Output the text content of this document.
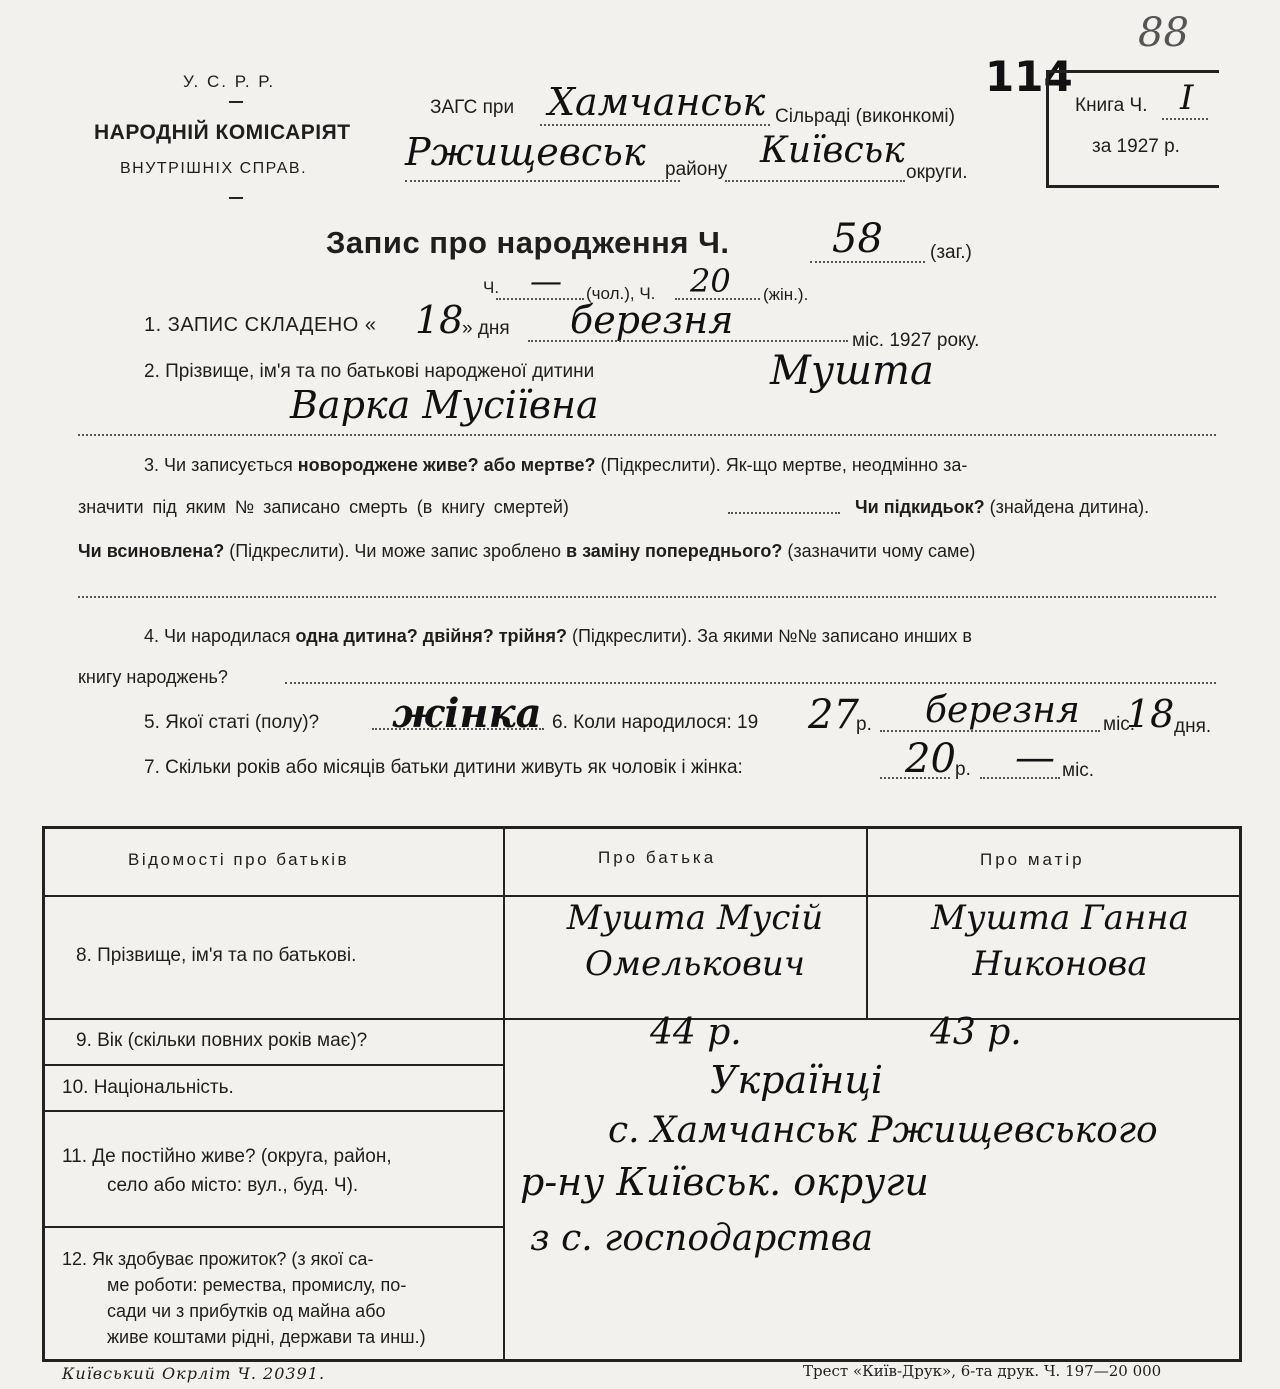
У. С. Р. Р.
НАРОДНІЙ КОМІСАРІЯТ
ВНУТРІШНІХ СПРАВ.
ЗАГС при Хамчанськ Сільраді (виконкомі)
Ржищевськ району Київськ
округи.
114
88
Книга Ч. I
за 1927 р.
Запис про народження Ч.	58 (заг.)
Ч. — (чол.), Ч. 20 (жін.).
1. ЗАПИС СКЛАДЕНО « 18
» дня березня	міс. 1927 року.
2. Прізвище, ім'я та по батькові народженої дитини	Мушта
Варка Мусіївна
3. Чи записується новороджене живе? або мертве? (Підкреслити). Як-що мертве, неодмінно за-
значити під яким № записано смерть (в книгу смертей)	Чи підкидьок? (знайдена дитина).
Чи всиновлена? (Підкреслити). Чи може запис зроблено в заміну попереднього? (зазначити чому саме)
4. Чи народилася одна дитина? двійня? трійня? (Підкреслити). За якими №№ записано инших в
книгу народжень?
5. Якої статі (полу)? жінка 6. Коли народилося: 19 27
р. березня міс.
18 дня.
7. Скільки років або місяців батьки дитини живуть як чоловік і жінка:	20 р. — міс.
Відомості про батьків	Про батька	Про матір
8. Прізвище, ім'я та по батькові.
Мушта Мусій Омелькович
Мушта Ганна Никонова
9. Вік (скільки повних років має)?	44 р.	43 р.
10. Національність.	Українці
11. Де постійно живе? (округа, район,
село або місто: вул., буд. Ч).
с. Хамчанськ Ржищевського
р-ну Київськ. округи
12. Як здобуває прожиток? (з якої са-
ме роботи: ремества, промислу, по-
сади чи з прибутків од майна або
живе коштами рідні, держави та инш.)
з с. господарства
Київський Окрліт Ч. 20391.	Трест «Київ-Друк», 6-та друк. Ч. 197—20 000
